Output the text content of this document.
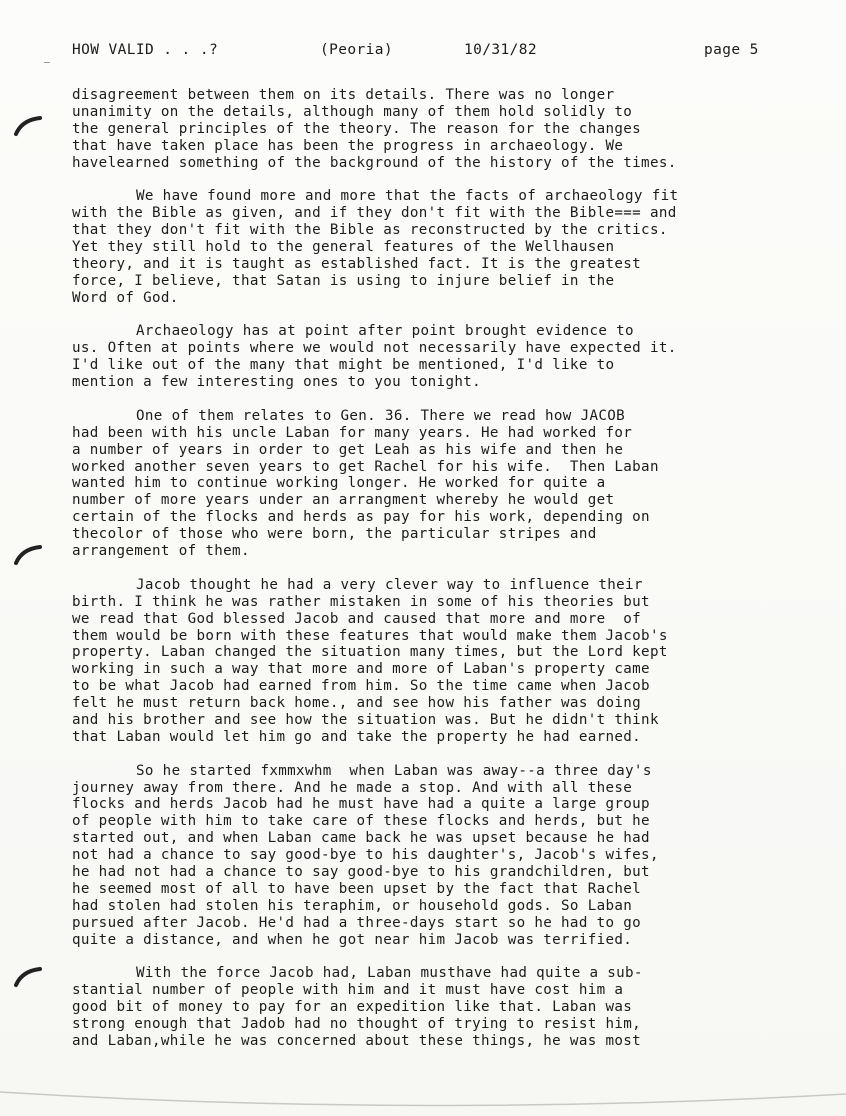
HOW VALID . . .?	(Peoria)	10/31/82	page 5
disagreement between them on its details. There was no longer
unanimity on the details, although many of them hold solidly to
the general principles of the theory. The reason for the changes
that have taken place has been the progress in archaeology. We
havelearned something of the background of the history of the times.
We have found more and more that the facts of archaeology fit
with the Bible as given, and if they don't fit with the Bible=== and
that they don't fit with the Bible as reconstructed by the critics.
Yet they still hold to the general features of the Wellhausen
theory, and it is taught as established fact. It is the greatest
force, I believe, that Satan is using to injure belief in the
Word of God.
Archaeology has at point after point brought evidence to
us. Often at points where we would not necessarily have expected it.
I'd like out of the many that might be mentioned, I'd like to
mention a few interesting ones to you tonight.
One of them relates to Gen. 36. There we read how JACOB
had been with his uncle Laban for many years. He had worked for
a number of years in order to get Leah as his wife and then he
worked another seven years to get Rachel for his wife.  Then Laban
wanted him to continue working longer. He worked for quite a
number of more years under an arrangment whereby he would get
certain of the flocks and herds as pay for his work, depending on
thecolor of those who were born, the particular stripes and
arrangement of them.
Jacob thought he had a very clever way to influence their
birth. I think he was rather mistaken in some of his theories but
we read that God blessed Jacob and caused that more and more  of
them would be born with these features that would make them Jacob's
property. Laban changed the situation many times, but the Lord kept
working in such a way that more and more of Laban's property came
to be what Jacob had earned from him. So the time came when Jacob
felt he must return back home., and see how his father was doing
and his brother and see how the situation was. But he didn't think
that Laban would let him go and take the property he had earned.
So he started fxmmxwhm  when Laban was away--a three day's
journey away from there. And he made a stop. And with all these
flocks and herds Jacob had he must have had a quite a large group
of people with him to take care of these flocks and herds, but he
started out, and when Laban came back he was upset because he had
not had a chance to say good-bye to his daughter's, Jacob's wifes,
he had not had a chance to say good-bye to his grandchildren, but
he seemed most of all to have been upset by the fact that Rachel
had stolen had stolen his teraphim, or household gods. So Laban
pursued after Jacob. He'd had a three-days start so he had to go
quite a distance, and when he got near him Jacob was terrified.
With the force Jacob had, Laban musthave had quite a sub-
stantial number of people with him and it must have cost him a
good bit of money to pay for an expedition like that. Laban was
strong enough that Jadob had no thought of trying to resist him,
and Laban,while he was concerned about these things, he was most
